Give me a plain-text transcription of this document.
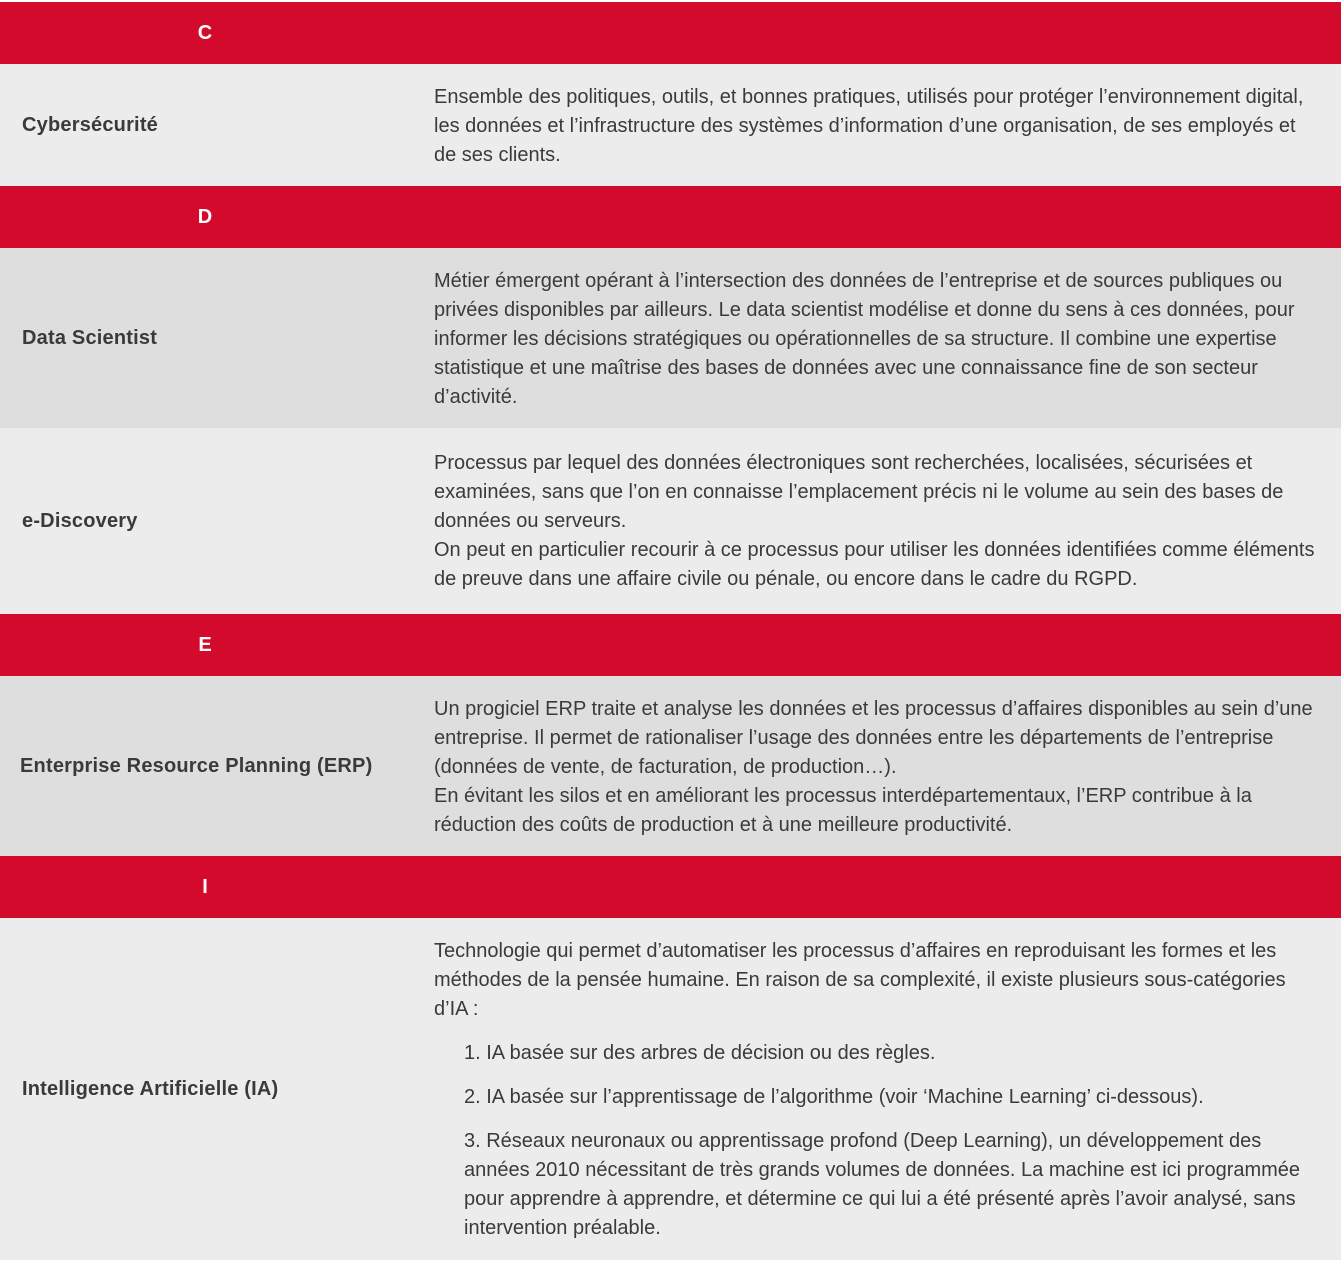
C
Cybersécurité

Ensemble des politiques, outils, et bonnes pratiques, utilisés pour protéger l’environnement digital, les données et l’infrastructure des systèmes d’information d’une organisation, de ses employés et de ses clients.

D
Data Scientist

Métier émergent opérant à l’intersection des données de l’entreprise et de sources publiques ou privées disponibles par ailleurs. Le data scientist modélise et donne du sens à ces données, pour informer les décisions stratégiques ou opérationnelles de sa structure. Il combine une expertise statistique et une maîtrise des bases de données avec une connaissance fine de son secteur d’activité.

e-Discovery

Processus par lequel des données électroniques sont recherchées, localisées, sécurisées et examinées, sans que l’on en connaisse l’emplacement précis ni le volume au sein des bases de données ou serveurs.

On peut en particulier recourir à ce processus pour utiliser les données identifiées comme éléments de preuve dans une affaire civile ou pénale, ou encore dans le cadre du RGPD.

E
Enterprise Resource Planning (ERP)

Un progiciel ERP traite et analyse les données et les processus d’affaires disponibles au sein d’une entreprise. Il permet de rationaliser l’usage des données entre les départements de l’entreprise (données de vente, de facturation, de production…).

En évitant les silos et en améliorant les processus interdépartementaux, l’ERP contribue à la réduction des coûts de production et à une meilleure productivité.

I
Intelligence Artificielle (IA)

Technologie qui permet d’automatiser les processus d’affaires en reproduisant les formes et les méthodes de la pensée humaine. En raison de sa complexité, il existe plusieurs sous-catégories d’IA :

1. IA basée sur des arbres de décision ou des règles.
2. IA basée sur l’apprentissage de l’algorithme (voir ‘Machine Learning’ ci-dessous).
3. Réseaux neuronaux ou apprentissage profond (Deep Learning), un développement des années 2010 nécessitant de très grands volumes de données. La machine est ici programmée pour apprendre à apprendre, et détermine ce qui lui a été présenté après l’avoir analysé, sans intervention préalable.
